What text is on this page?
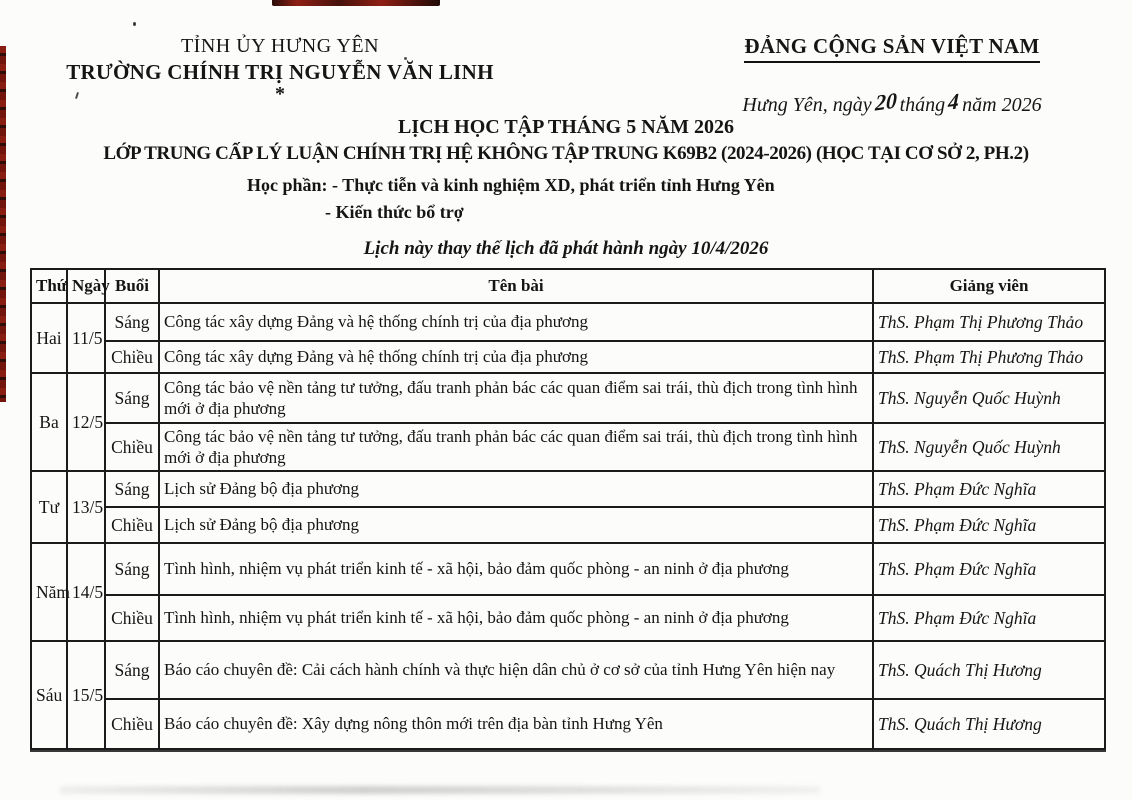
TỈNH ỦY HƯNG YÊN
TRƯỜNG CHÍNH TRỊ NGUYỄN VĂN LINH
*
ĐẢNG CỘNG SẢN VIỆT NAM
Hưng Yên, ngày 20 tháng 4 năm 2026
LỊCH HỌC TẬP THÁNG 5 NĂM 2026
LỚP TRUNG CẤP LÝ LUẬN CHÍNH TRỊ HỆ KHÔNG TẬP TRUNG K69B2 (2024-2026) (HỌC TẠI CƠ SỞ 2, PH.2)
Học phần: - Thực tiễn và kinh nghiệm XD, phát triển tỉnh Hưng Yên
- Kiến thức bổ trợ
Lịch này thay thế lịch đã phát hành ngày 10/4/2026
Thứ	Ngày	Buổi	Tên bài	Giảng viên
Hai	11/5	Sáng	Công tác xây dựng Đảng và hệ thống chính trị của địa phương	ThS. Phạm Thị Phương Thảo
		Chiều	Công tác xây dựng Đảng và hệ thống chính trị của địa phương	ThS. Phạm Thị Phương Thảo
Ba	12/5	Sáng	Công tác bảo vệ nền tảng tư tưởng, đấu tranh phản bác các quan điểm sai trái, thù địch trong tình hình mới ở địa phương	ThS. Nguyễn Quốc Huỳnh
		Chiều	Công tác bảo vệ nền tảng tư tưởng, đấu tranh phản bác các quan điểm sai trái, thù địch trong tình hình mới ở địa phương	ThS. Nguyễn Quốc Huỳnh
Tư	13/5	Sáng	Lịch sử Đảng bộ địa phương	ThS. Phạm Đức Nghĩa
		Chiều	Lịch sử Đảng bộ địa phương	ThS. Phạm Đức Nghĩa
Năm	14/5	Sáng	Tình hình, nhiệm vụ phát triển kinh tế - xã hội, bảo đảm quốc phòng - an ninh ở địa phương	ThS. Phạm Đức Nghĩa
		Chiều	Tình hình, nhiệm vụ phát triển kinh tế - xã hội, bảo đảm quốc phòng - an ninh ở địa phương	ThS. Phạm Đức Nghĩa
Sáu	15/5	Sáng	Báo cáo chuyên đề: Cải cách hành chính và thực hiện dân chủ ở cơ sở của tỉnh Hưng Yên hiện nay	ThS. Quách Thị Hương
		Chiều	Báo cáo chuyên đề: Xây dựng nông thôn mới trên địa bàn tỉnh Hưng Yên	ThS. Quách Thị Hương
